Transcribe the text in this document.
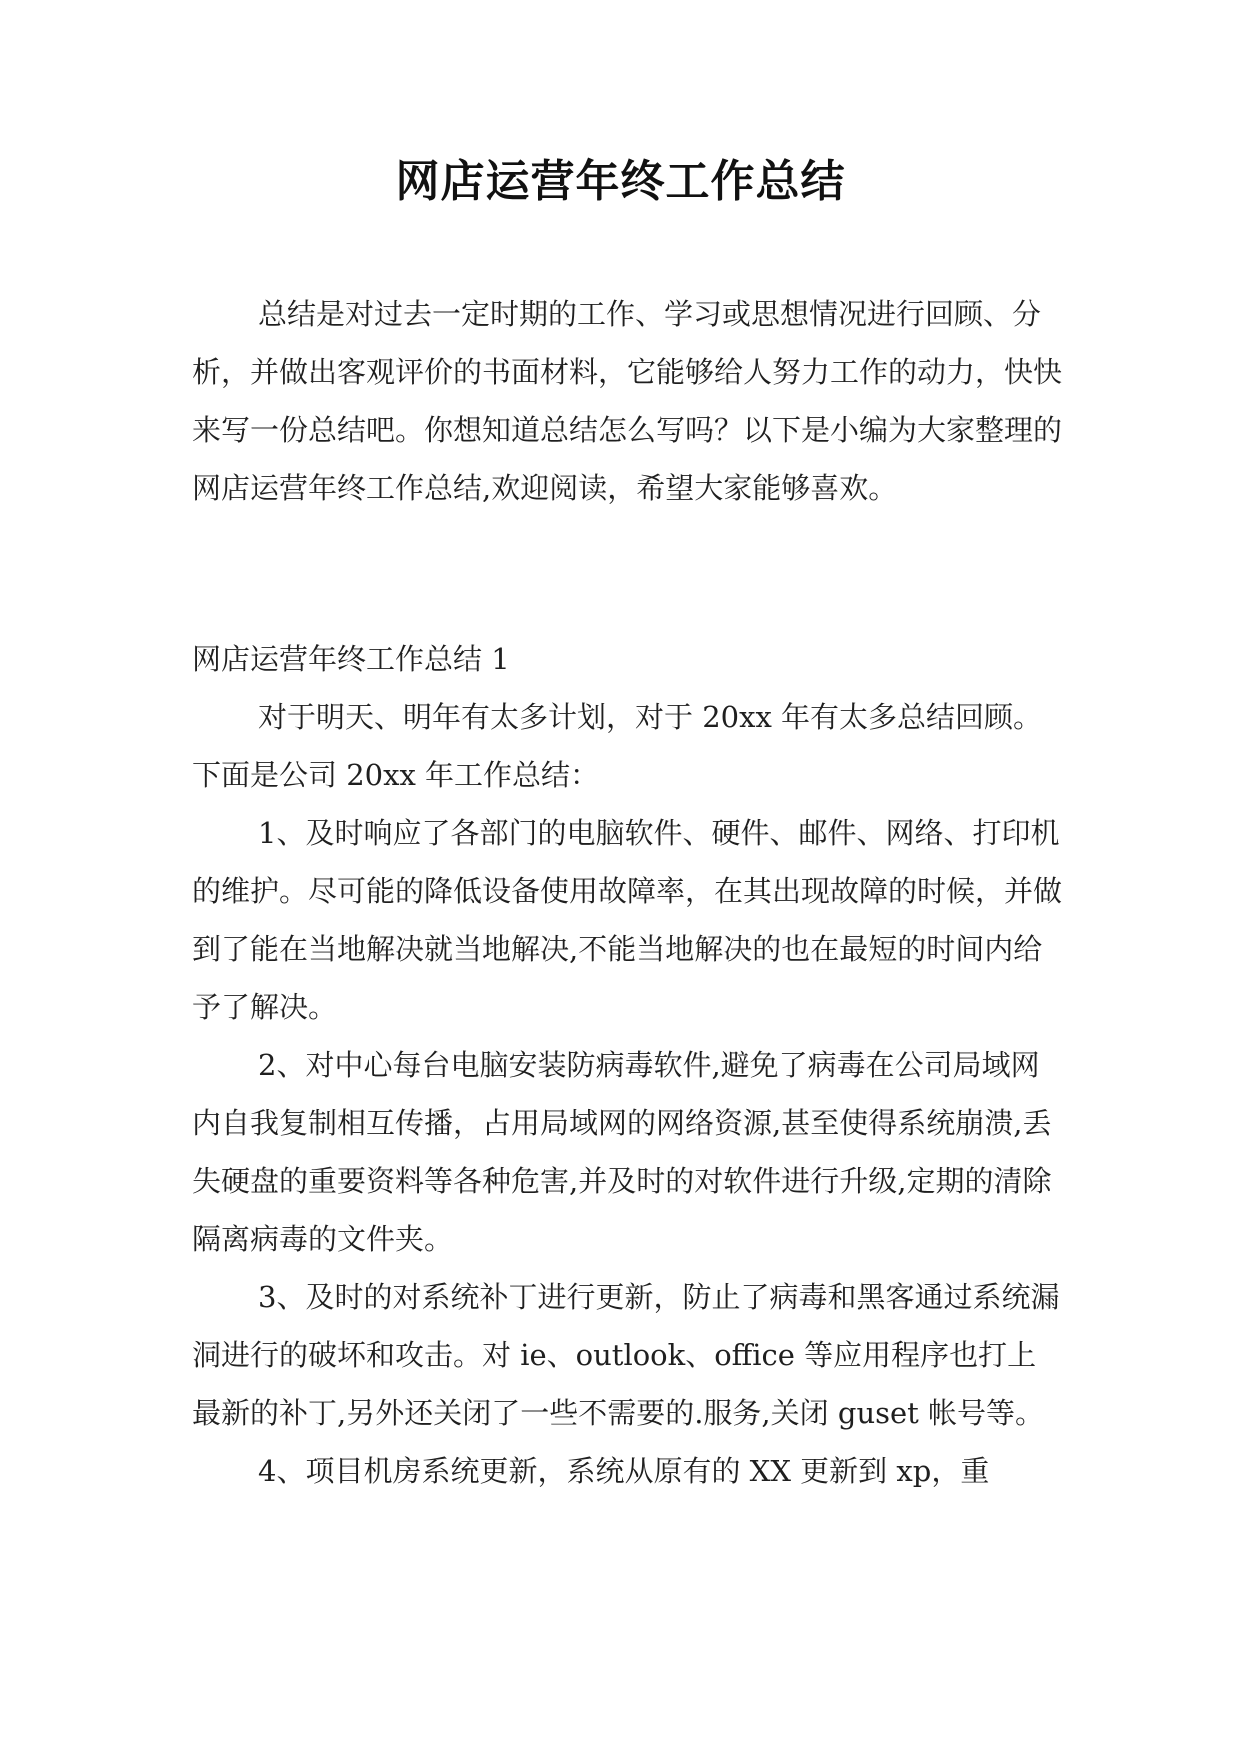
网店运营年终工作总结
总结是对过去一定时期的工作、学习或思想情况进行回顾、分析，并做出客观评价的书面材料，它能够给人努力工作的动力，快快来写一份总结吧。你想知道总结怎么写吗？以下是小编为大家整理的网店运营年终工作总结,欢迎阅读，希望大家能够喜欢。
网店运营年终工作总结 1

对于明天、明年有太多计划，对于 20xx 年有太多总结回顾。 下面是公司 20xx 年工作总结：

1、及时响应了各部门的电脑软件、硬件、邮件、网络、打印机的维护。尽可能的降低设备使用故障率，在其出现故障的时候，并做到了能在当地解决就当地解决,不能当地解决的也在最短的时间内给予了解决。

2、对中心每台电脑安装防病毒软件,避免了病毒在公司局域网内自我复制相互传播，占用局域网的网络资源,甚至使得系统崩溃,丢失硬盘的重要资料等各种危害,并及时的对软件进行升级,定期的清除隔离病毒的文件夹。

3、及时的对系统补丁进行更新，防止了病毒和黑客通过系统漏洞进行的破坏和攻击。对 ie、outlook、office 等应用程序也打上最新的补丁,另外还关闭了一些不需要的.服务,关闭 guset 帐号等。

4、项目机房系统更新，系统从原有的 XX 更新到 xp，重
